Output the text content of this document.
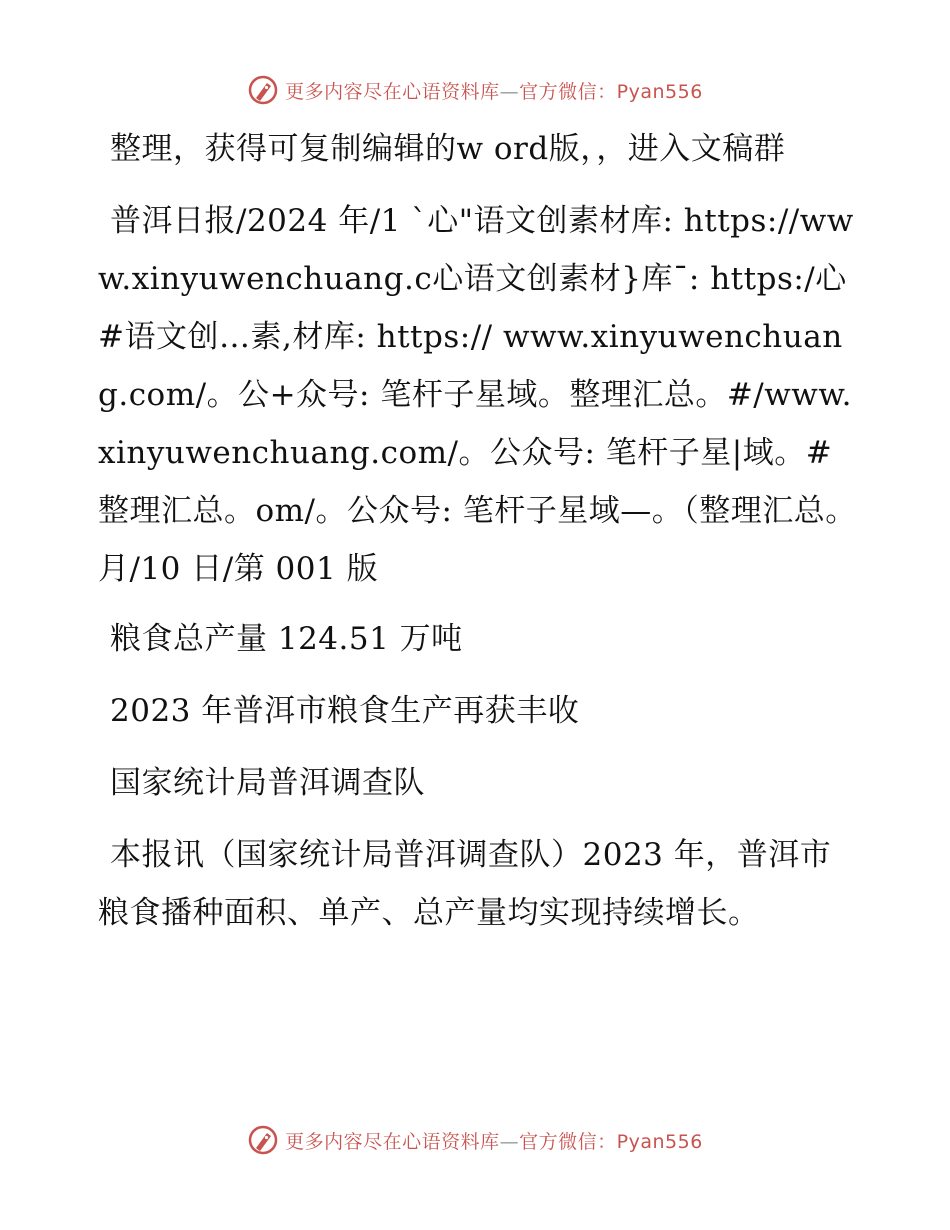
更多内容尽在心语资料库—官方微信：Pyan556

整理，获得可复制编辑的w ord版，，进入文稿群

普洱日报/2024 年/1 `心"语文创素材库: https://www.xinyuwenchuang.c心语文创素材}库¯: https:/心#语文创…素,材库: https:// www.xinyuwenchuang.com/。公+众号: 笔杆子星域。整理汇总。#/www.xinyuwenchuang.com/。公众号: 笔杆子星|域。#整理汇总。om/。公众号: 笔杆子星域—。（整理汇总。月/10 日/第 001 版

粮食总产量 124.51 万吨

2023 年普洱市粮食生产再获丰收

国家统计局普洱调查队

本报讯（国家统计局普洱调查队）2023 年，普洱市粮食播种面积、单产、总产量均实现持续增长。

更多内容尽在心语资料库—官方微信：Pyan556
